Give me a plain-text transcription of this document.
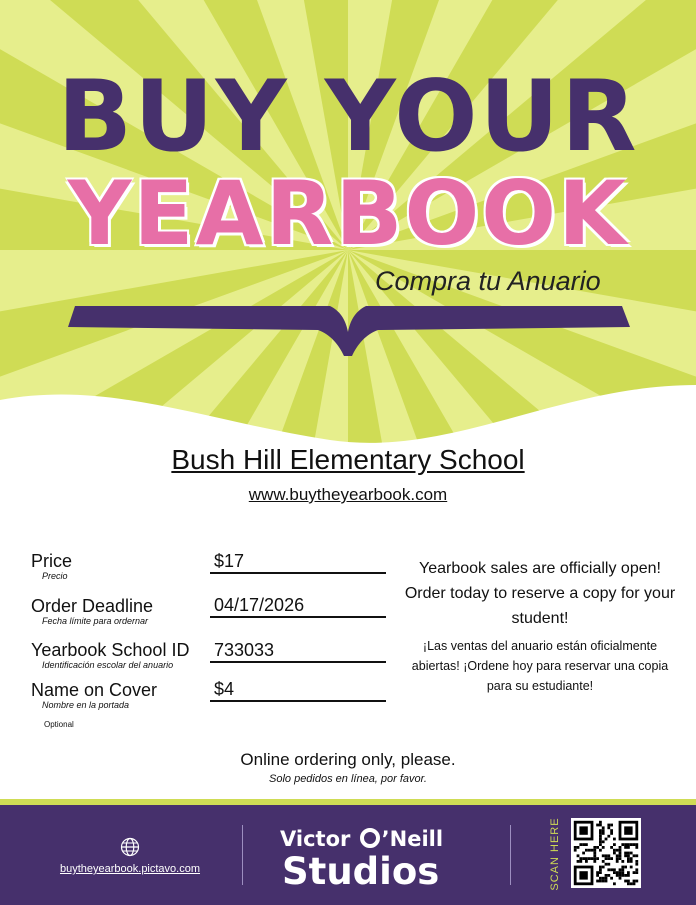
BUY YOUR
YEARBOOK
Compra tu Anuario
Bush Hill Elementary School
www.buytheyearbook.com
Price
Precio
$17
Order Deadline
Fecha límite para ordernar
04/17/2026
Yearbook School ID
Identificación escolar del anuario
733033
Name on Cover
Nombre en la portada
$4
Optional
Yearbook sales are officially open! Order today to reserve a copy for your student!
¡Las ventas del anuario están oficialmente abiertas! ¡Ordene hoy para reservar una copia para su estudiante!
Online ordering only, please.
Solo pedidos en línea, por favor.
buytheyearbook.pictavo.com
Victor ’Neill
Studios	SCAN HERE
